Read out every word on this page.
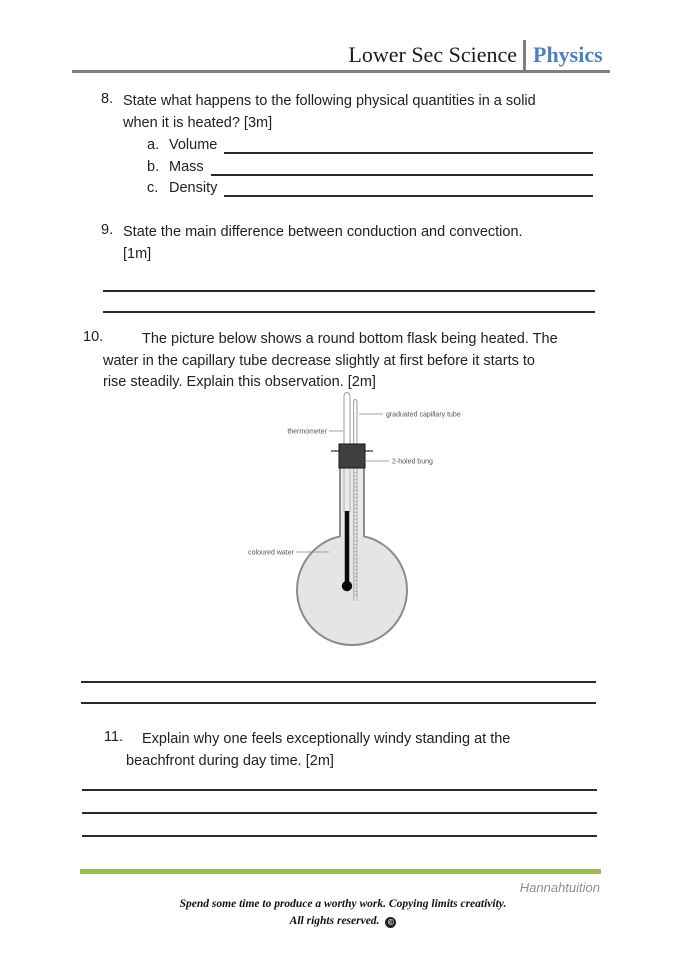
Lower Sec Science Physics
8. State what happens to the following physical quantities in a solid
when it is heated? [3m]
a. Volume
b. Mass
c. Density
9. State the main difference between conduction and convection.
[1m]
10.	The picture below shows a round bottom flask being heated. The
water in the capillary tube decrease slightly at first before it starts to
rise steadily. Explain this observation. [2m]
graduated capillary tube
thermometer
2-holed bung
coloured water
11. Explain why one feels exceptionally windy standing at the
beachfront during day time. [2m]
Hannahtuition
Spend some time to produce a worthy work. Copying limits creativity.
All rights reserved. ©
